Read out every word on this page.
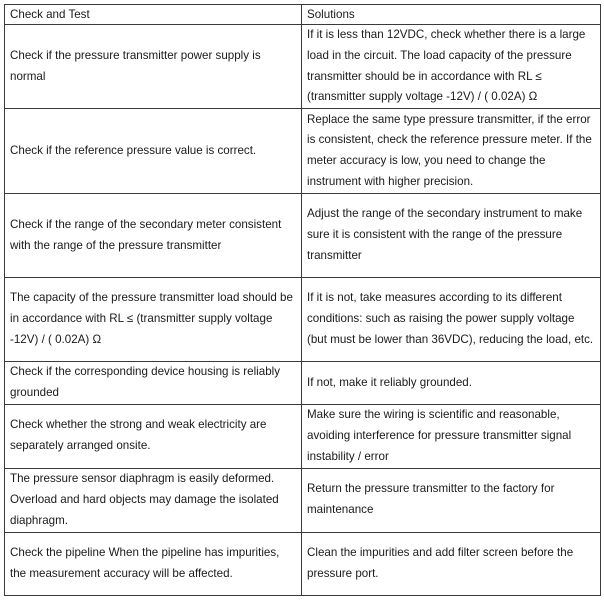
Check and Test	Solutions
Check if the pressure transmitter power supply is normal	If it is less than 12VDC, check whether there is a large load in the circuit. The load capacity of the pressure transmitter should be in accordance with RL ≤ (transmitter supply voltage -12V) / ( 0.02A) Ω
Check if the reference pressure value is correct.	Replace the same type pressure transmitter, if the error is consistent, check the reference pressure meter. If the meter accuracy is low, you need to change the instrument with higher precision.
Check if the range of the secondary meter consistent with the range of the pressure transmitter	Adjust the range of the secondary instrument to make sure it is consistent with the range of the pressure transmitter
The capacity of the pressure transmitter load should be in accordance with RL ≤ (transmitter supply voltage -12V) / ( 0.02A) Ω	If it is not, take measures according to its different conditions: such as raising the power supply voltage (but must be lower than 36VDC), reducing the load, etc.
Check if the corresponding device housing is reliably grounded	If not, make it reliably grounded.
Check whether the strong and weak electricity are separately arranged onsite.	Make sure the wiring is scientific and reasonable, avoiding interference for pressure transmitter signal instability / error
The pressure sensor diaphragm is easily deformed. Overload and hard objects may damage the isolated diaphragm.	Return the pressure transmitter to the factory for maintenance
Check the pipeline When the pipeline has impurities, the measurement accuracy will be affected.	Clean the impurities and add filter screen before the pressure port.
